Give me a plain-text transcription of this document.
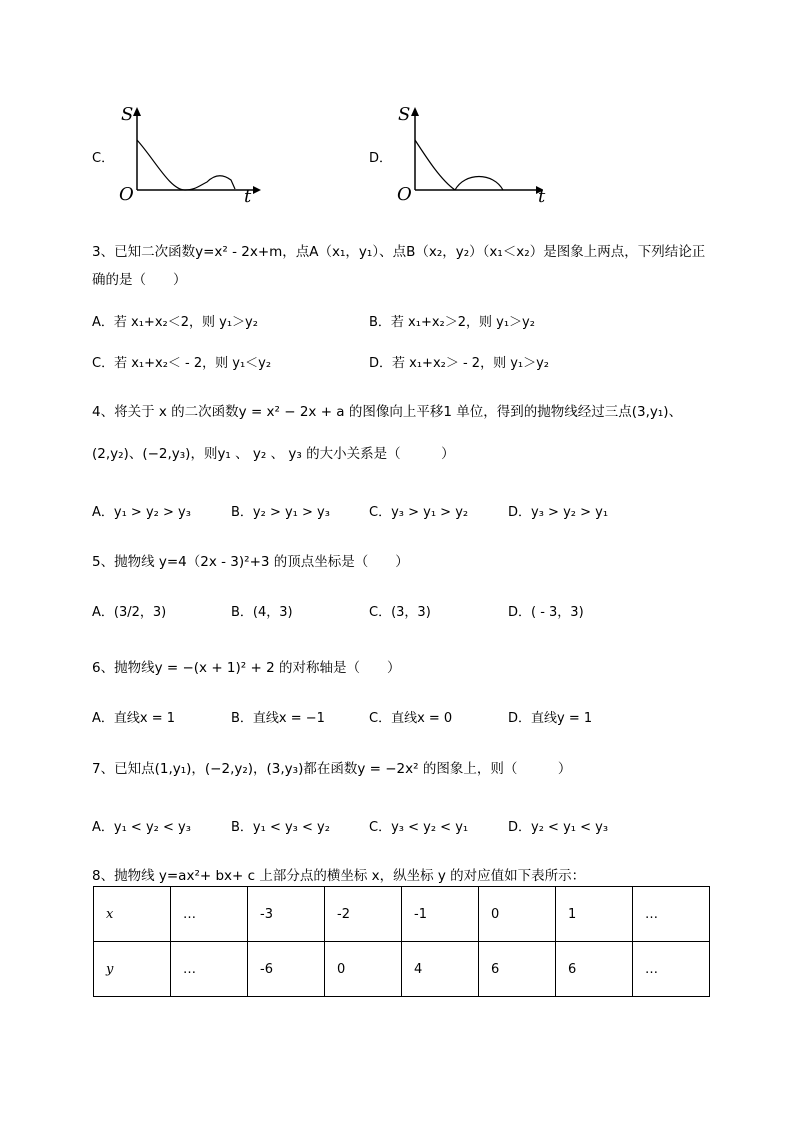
C．
S
O	t
D．
S
O	t
3、已知二次函数y=x² - 2x+m，点A（x₁，y₁）、点B（x₂，y₂）（x₁＜x₂）是图象上两点，下列结论正
确的是（　　）
A．若 x₁+x₂＜2，则 y₁＞y₂	B．若 x₁+x₂＞2，则 y₁＞y₂
C．若 x₁+x₂＜ - 2，则 y₁＜y₂	D．若 x₁+x₂＞ - 2，则 y₁＞y₂
4、将关于 x 的二次函数y = x² − 2x + a 的图像向上平移1 单位，得到的抛物线经过三点(3,y₁)、
(2,y₂)、(−2,y₃)，则y₁ 、 y₂ 、 y₃ 的大小关系是（　　　）
A．y₁ > y₂ > y₃	B．y₂ > y₁ > y₃	C．y₃ > y₁ > y₂	D．y₃ > y₂ > y₁
5、抛物线 y=4（2x - 3)²+3 的顶点坐标是（　　）
A．(3/2，3)	B．(4，3)	C．(3，3)	D．( - 3，3)
6、抛物线y = −(x + 1)² + 2 的对称轴是（　　）
A．直线x = 1	B．直线x = −1	C．直线x = 0	D．直线y = 1
7、已知点(1,y₁)，(−2,y₂)，(3,y₃)都在函数y = −2x² 的图象上，则（　　　）
A．y₁ < y₂ < y₃	B．y₁ < y₃ < y₂	C．y₃ < y₂ < y₁	D．y₂ < y₁ < y₃
8、抛物线 y=ax²+ bx+ c 上部分点的横坐标 x，纵坐标 y 的对应值如下表所示：
x	…	-3	-2	-1	0	1	…
y	…	-6	0	4	6	6	…
